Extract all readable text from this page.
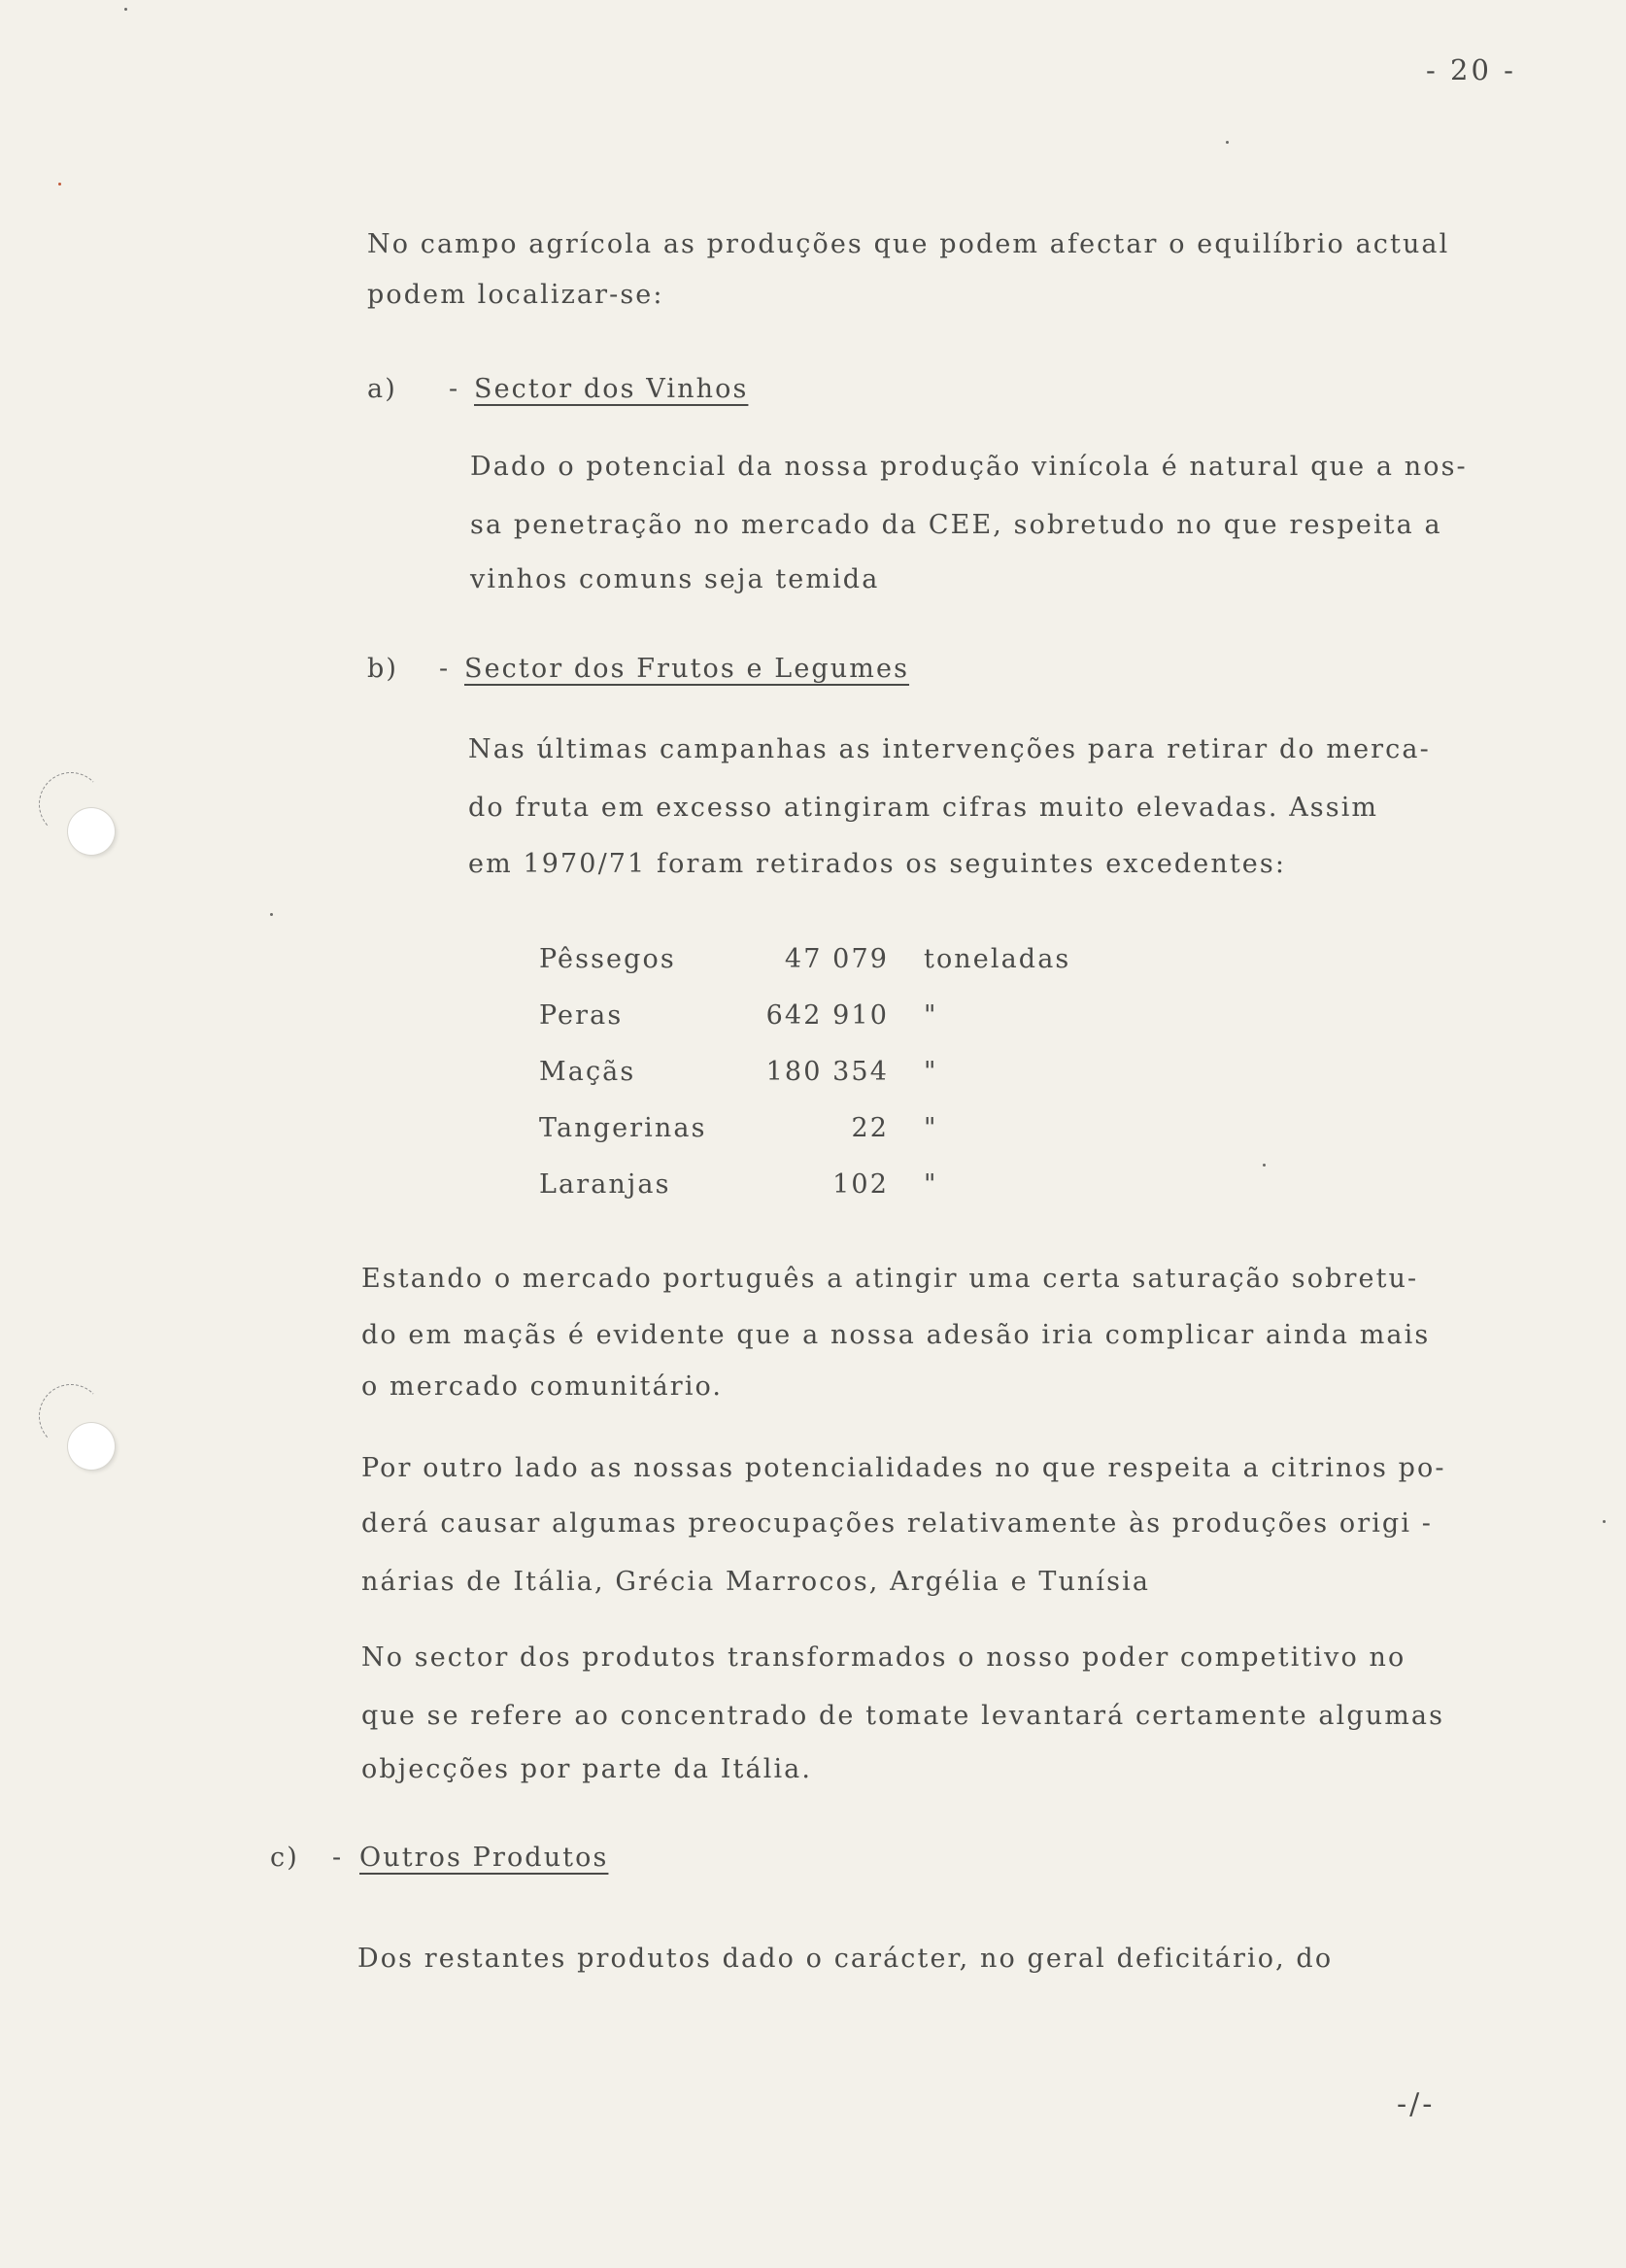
- 20 -
No campo agrícola as produções que podem afectar o equilíbrio actual
podem localizar-se:
a) - Sector dos Vinhos
Dado o potencial da nossa produção vinícola é natural que a nos-
sa penetração no mercado da CEE, sobretudo no que respeita a
vinhos comuns seja temida
b) - Sector dos Frutos e Legumes
Nas últimas campanhas as intervenções para retirar do merca-
do fruta em excesso atingiram cifras muito elevadas. Assim
em 1970/71 foram retirados os seguintes excedentes:
Pêssegos	47 079	toneladas
Peras	642 910	"
Maçãs	180 354	"
Tangerinas	22	"
Laranjas	102	"
Estando o mercado português a atingir uma certa saturação sobretu-
do em maçãs é evidente que a nossa adesão iria complicar ainda mais
o mercado comunitário.
Por outro lado as nossas potencialidades no que respeita a citrinos po-
derá causar algumas preocupações relativamente às produções origi -
nárias de Itália, Grécia Marrocos, Argélia e Tunísia
No sector dos produtos transformados o nosso poder competitivo no
que se refere ao concentrado de tomate levantará certamente algumas
objecções por parte da Itália.
c) - Outros Produtos
Dos restantes produtos dado o carácter, no geral deficitário, do
-/-
